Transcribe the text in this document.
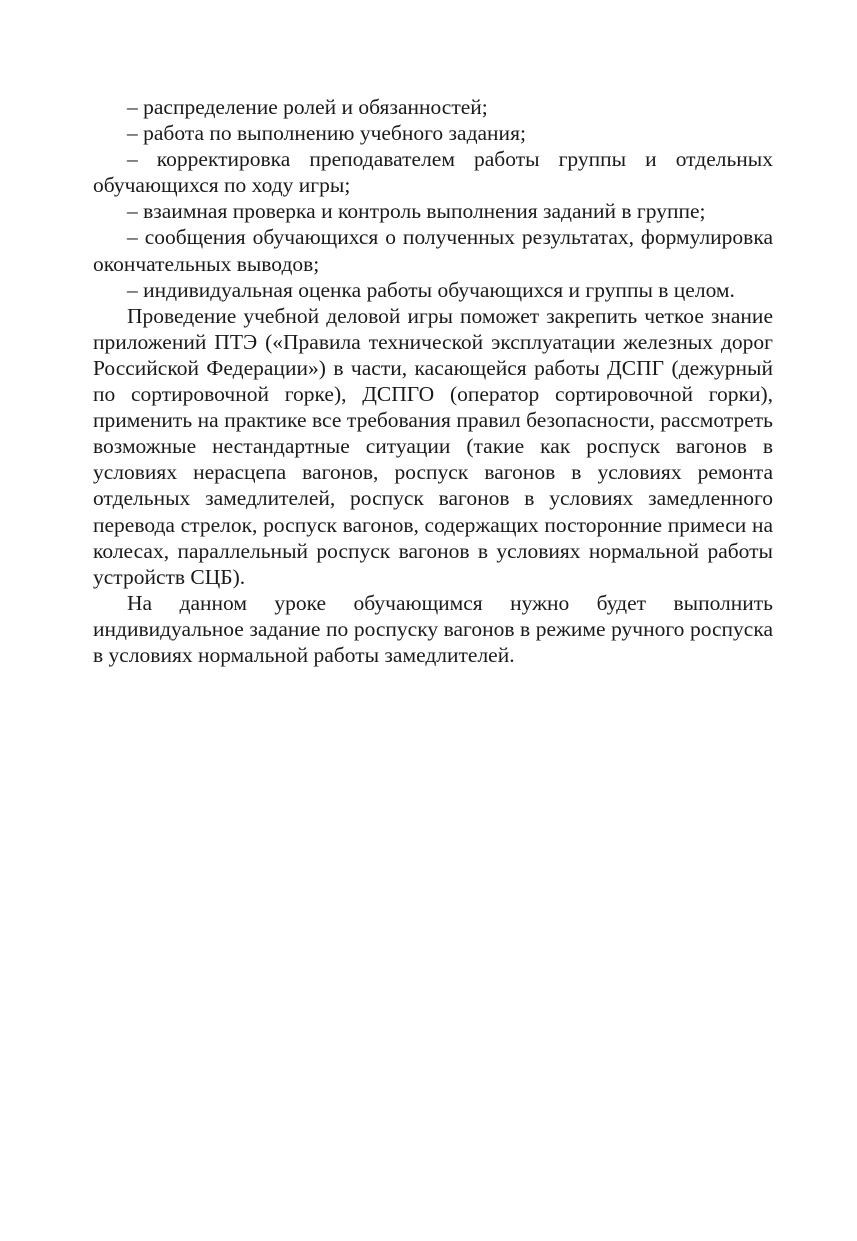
– распределение ролей и обязанностей;

– работа по выполнению учебного задания;

– корректировка преподавателем работы группы и отдельных обучающихся по ходу игры;

– взаимная проверка и контроль выполнения заданий в группе;

– сообщения обучающихся о полученных результатах, формулировка окончательных выводов;

– индивидуальная оценка работы обучающихся и группы в целом.

Проведение учебной деловой игры поможет закрепить четкое знание приложений ПТЭ («Правила технической эксплуатации железных дорог Российской Федерации») в части, касающейся работы ДСПГ (дежурный по сортировочной горке), ДСПГО (оператор сортировочной горки), применить на практике все требования правил безопасности, рассмотреть возможные нестандартные ситуации (такие как роспуск вагонов в условиях нерасцепа вагонов, роспуск вагонов в условиях ремонта отдельных замедлителей, роспуск вагонов в условиях замедленного перевода стрелок, роспуск вагонов, содержащих посторонние примеси на колесах, параллельный роспуск вагонов в условиях нормальной работы устройств СЦБ).

На данном уроке обучающимся нужно будет выполнить индивидуальное задание по роспуску вагонов в режиме ручного роспуска в условиях нормальной работы замедлителей.
